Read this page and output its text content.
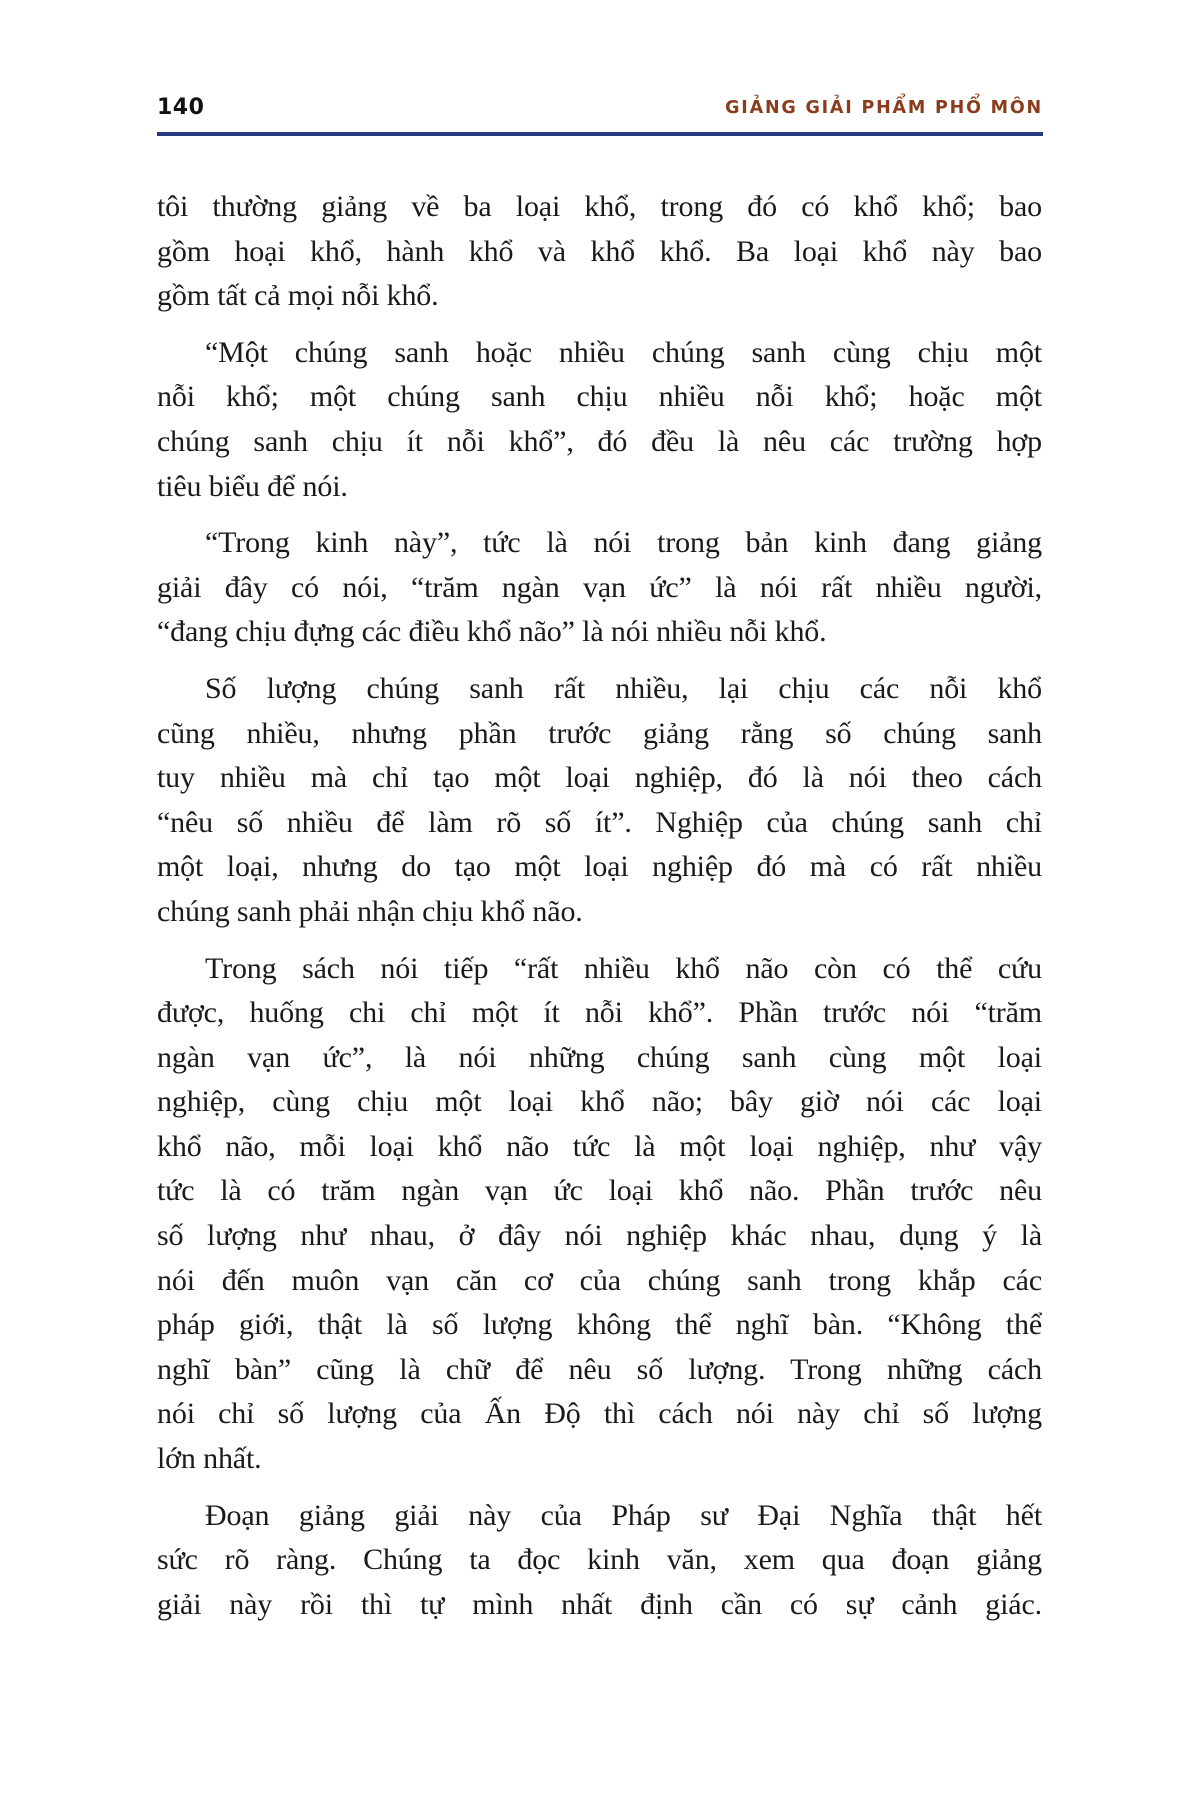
140	GIẢNG GIẢI PHẨM PHỔ MÔN
tôi thường giảng về ba loại khổ, trong đó có khổ khổ; bao
gồm hoại khổ, hành khổ và khổ khổ. Ba loại khổ này bao
gồm tất cả mọi nỗi khổ.
“Một chúng sanh hoặc nhiều chúng sanh cùng chịu một
nỗi khổ; một chúng sanh chịu nhiều nỗi khổ; hoặc một
chúng sanh chịu ít nỗi khổ”, đó đều là nêu các trường hợp
tiêu biểu để nói.
“Trong kinh này”, tức là nói trong bản kinh đang giảng
giải đây có nói, “trăm ngàn vạn ức” là nói rất nhiều người,
“đang chịu đựng các điều khổ não” là nói nhiều nỗi khổ.
Số lượng chúng sanh rất nhiều, lại chịu các nỗi khổ
cũng nhiều, nhưng phần trước giảng rằng số chúng sanh
tuy nhiều mà chỉ tạo một loại nghiệp, đó là nói theo cách
“nêu số nhiều để làm rõ số ít”. Nghiệp của chúng sanh chỉ
một loại, nhưng do tạo một loại nghiệp đó mà có rất nhiều
chúng sanh phải nhận chịu khổ não.
Trong sách nói tiếp “rất nhiều khổ não còn có thể cứu
được, huống chi chỉ một ít nỗi khổ”. Phần trước nói “trăm
ngàn vạn ức”, là nói những chúng sanh cùng một loại
nghiệp, cùng chịu một loại khổ não; bây giờ nói các loại
khổ não, mỗi loại khổ não tức là một loại nghiệp, như vậy
tức là có trăm ngàn vạn ức loại khổ não. Phần trước nêu
số lượng như nhau, ở đây nói nghiệp khác nhau, dụng ý là
nói đến muôn vạn căn cơ của chúng sanh trong khắp các
pháp giới, thật là số lượng không thể nghĩ bàn. “Không thể
nghĩ bàn” cũng là chữ để nêu số lượng. Trong những cách
nói chỉ số lượng của Ấn Độ thì cách nói này chỉ số lượng
lớn nhất.
Đoạn giảng giải này của Pháp sư Đại Nghĩa thật hết
sức rõ ràng. Chúng ta đọc kinh văn, xem qua đoạn giảng
giải này rồi thì tự mình nhất định cần có sự cảnh giác.
